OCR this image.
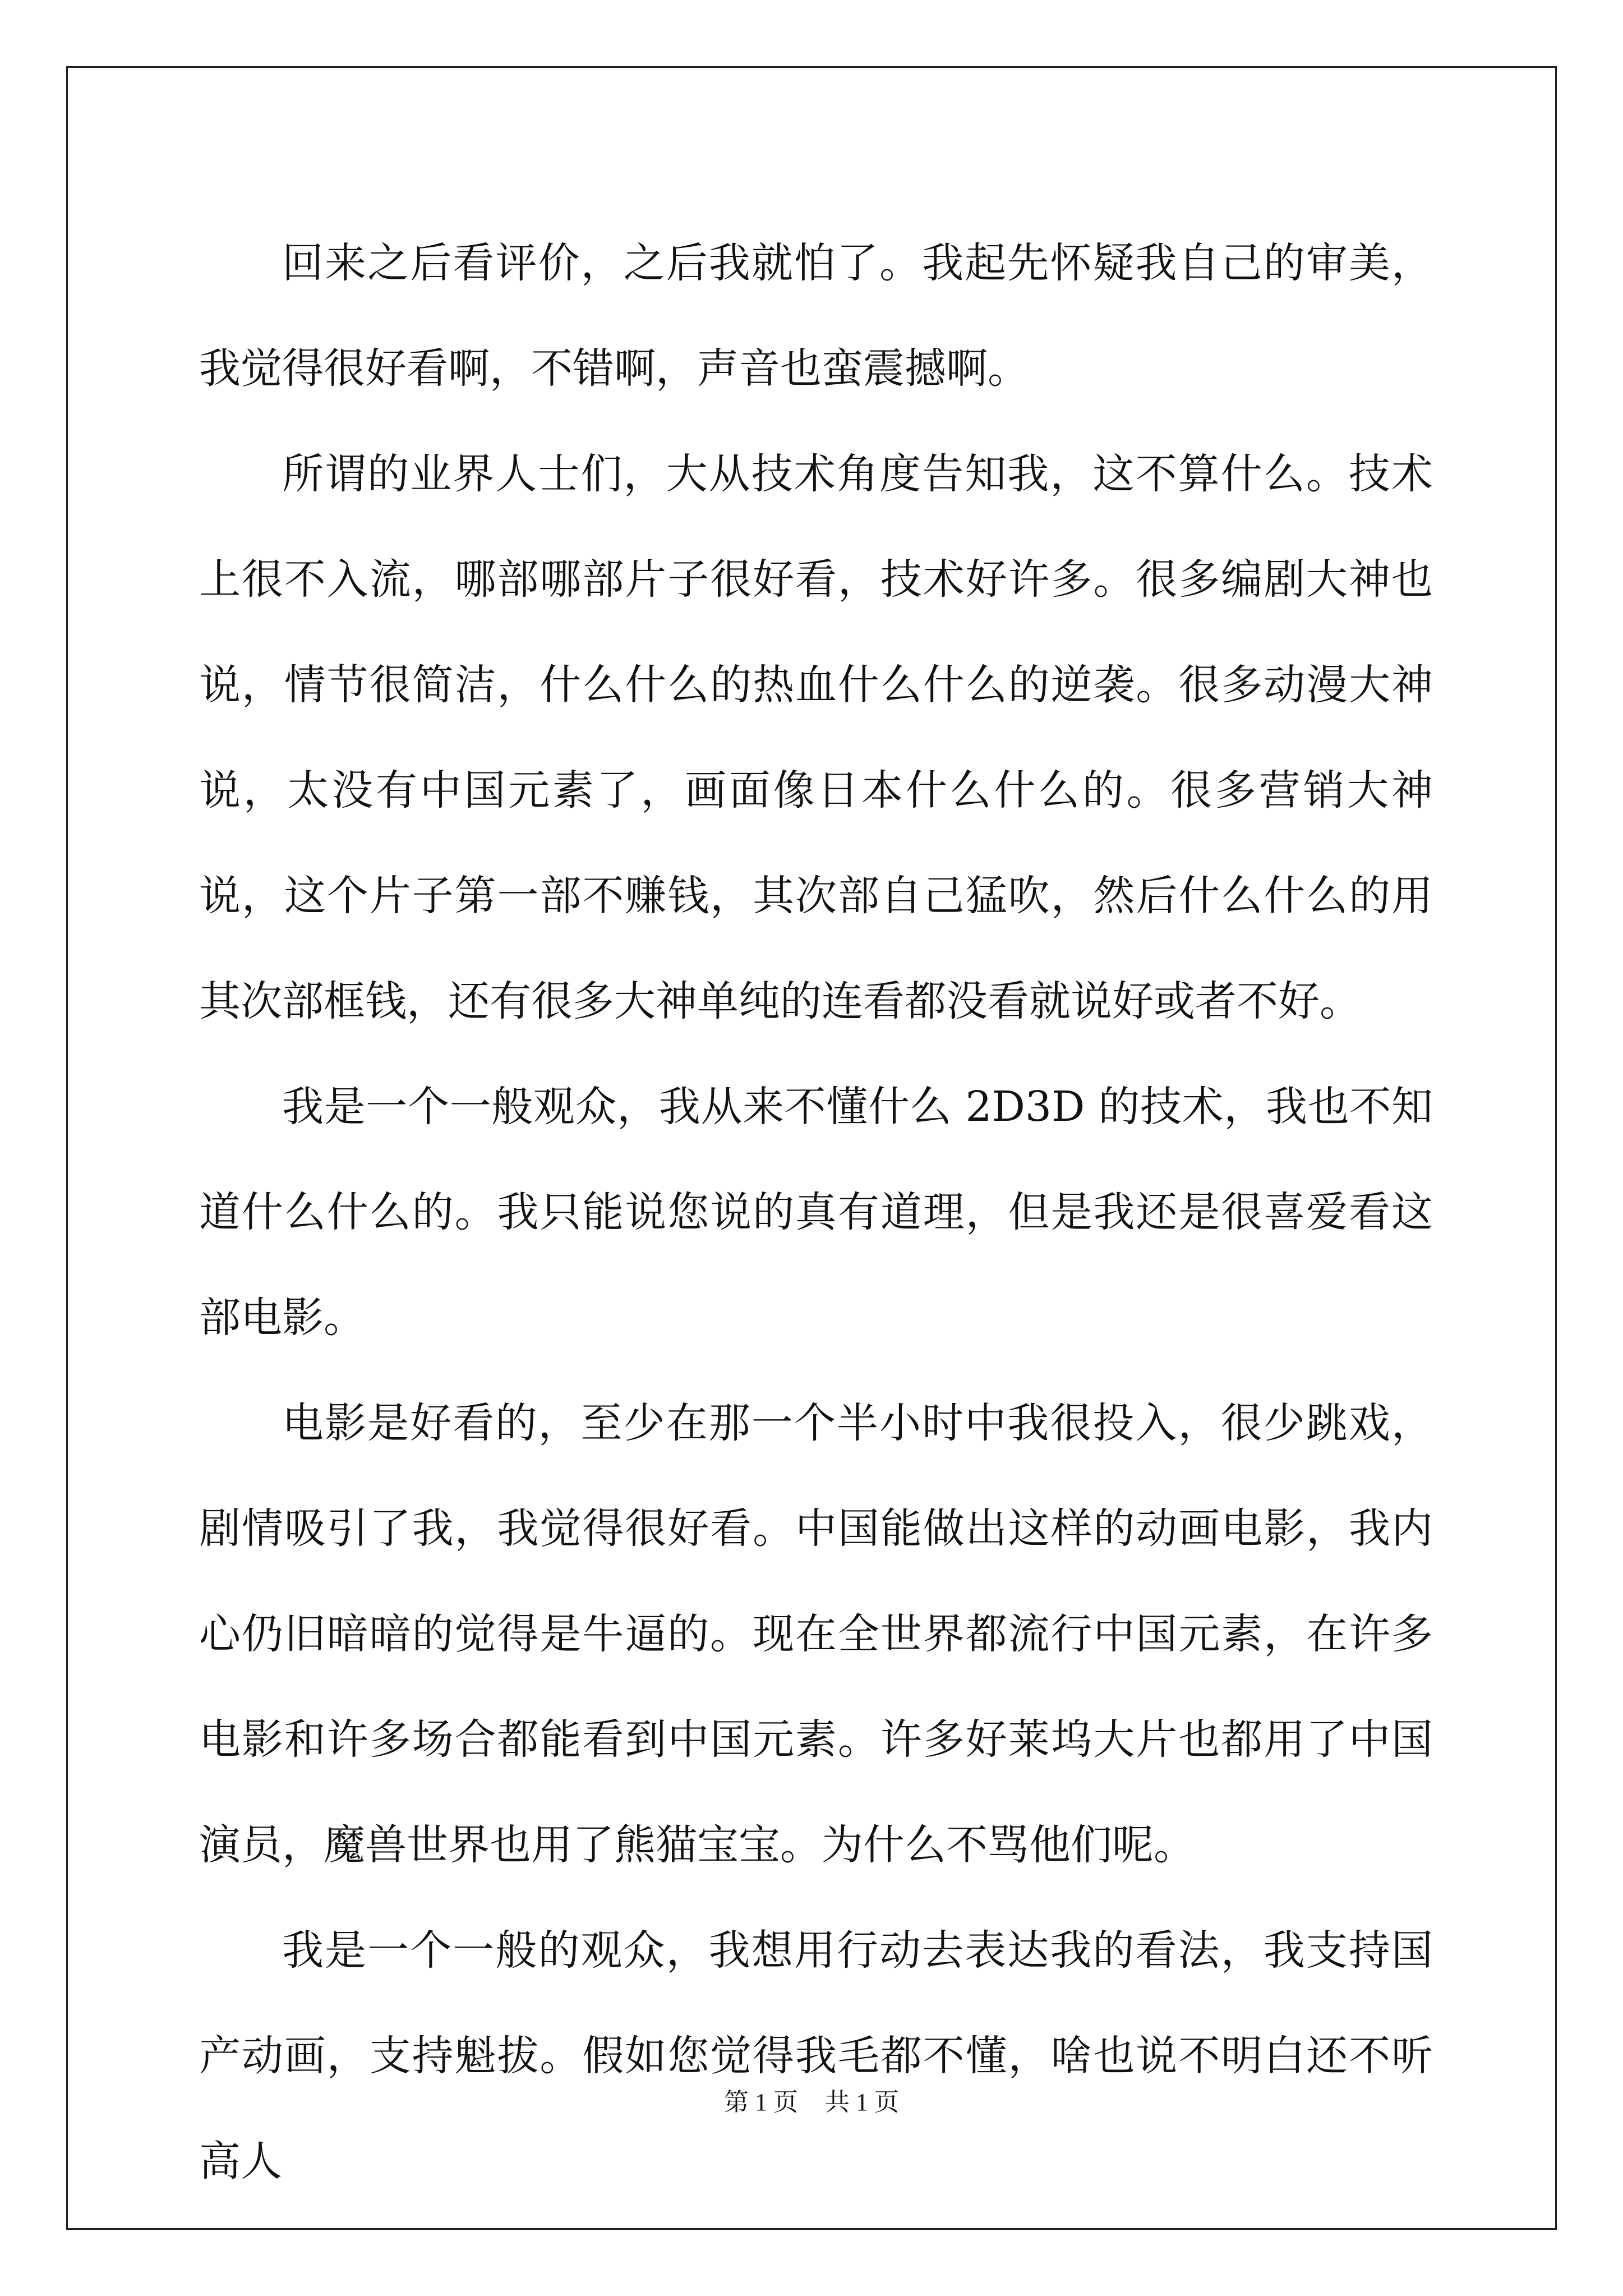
回来之后看评价，之后我就怕了。我起先怀疑我自己的审美，我觉得很好看啊，不错啊，声音也蛮震撼啊。

所谓的业界人士们，大从技术角度告知我，这不算什么。技术上很不入流，哪部哪部片子很好看，技术好许多。很多编剧大神也说，情节很简洁，什么什么的热血什么什么的逆袭。很多动漫大神说，太没有中国元素了，画面像日本什么什么的。很多营销大神说，这个片子第一部不赚钱，其次部自己猛吹，然后什么什么的用其次部框钱，还有很多大神单纯的连看都没看就说好或者不好。

我是一个一般观众，我从来不懂什么 2D3D 的技术，我也不知道什么什么的。我只能说您说的真有道理，但是我还是很喜爱看这部电影。

电影是好看的，至少在那一个半小时中我很投入，很少跳戏，剧情吸引了我，我觉得很好看。中国能做出这样的动画电影，我内心仍旧暗暗的觉得是牛逼的。现在全世界都流行中国元素，在许多电影和许多场合都能看到中国元素。许多好莱坞大片也都用了中国演员，魔兽世界也用了熊猫宝宝。为什么不骂他们呢。

我是一个一般的观众，我想用行动去表达我的看法，我支持国产动画，支持魁拔。假如您觉得我毛都不懂，啥也说不明白还不听高人

第 1 页 共 1 页
